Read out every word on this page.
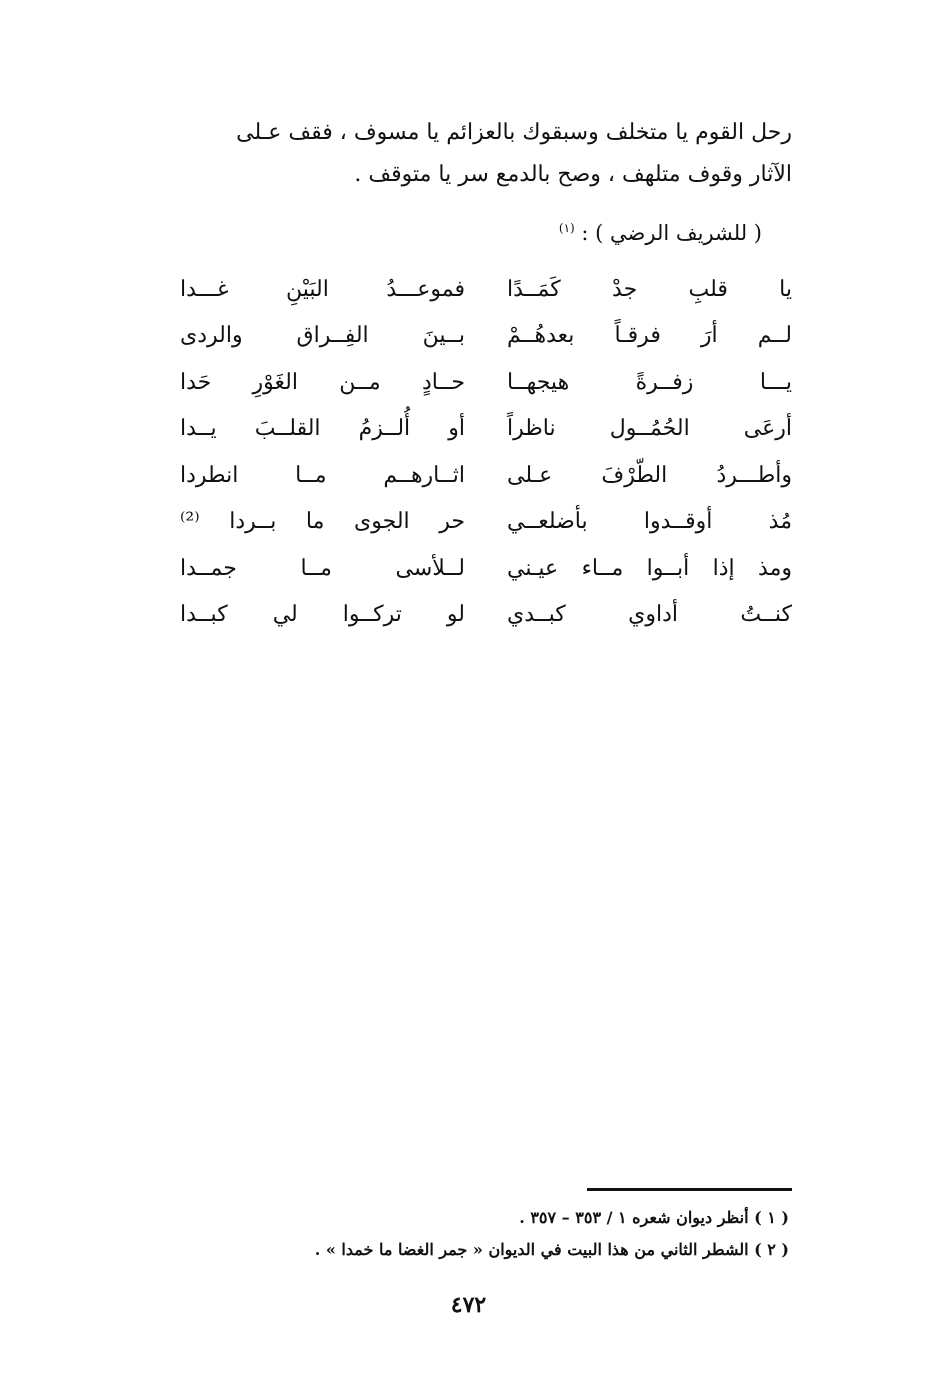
رحل القوم يا متخلف وسبقوك بالعزائم يا مسوف ، فقف عـلى
الآثار وقوف متلهف ، وصح بالدمع سر يا متوقف .
( للشريف الرضي ) : $^{(١)}$
يا قلبِ جدْ كَمَــدًا
فموعـــدُ البَيْنِ غـــدا
لــم أرَ فرقـاً بعدهُــمْ
بــينَ الفِــراق والردى
يـــا زفــرةً هيجهــا
حــادٍ مــن الغَوْرِ حَدا
أرعَى الحُمُــول ناظراً
أو أُلــزمُ القلــبَ يــدا
وأطـــردُ الطّرْفَ عـلى
اثــارهــم مــا انطردا
مُذ أوقــدوا بأضلعــي
حر الجوى ما بــردا ⁽²⁾
ومذ إذا أبــوا مــاء عيـني
لــلأسى مــا جمــدا
كنــتُ أداوي كبــدي
لو تركــوا لي كبــدا
( ١ ) أنظر ديوان شعره ١ / ٣٥٣ – ٣٥٧ .
( ٢ ) الشطر الثاني من هذا البيت في الديوان « جمر الغضا ما خمدا » .
٤٧٢
